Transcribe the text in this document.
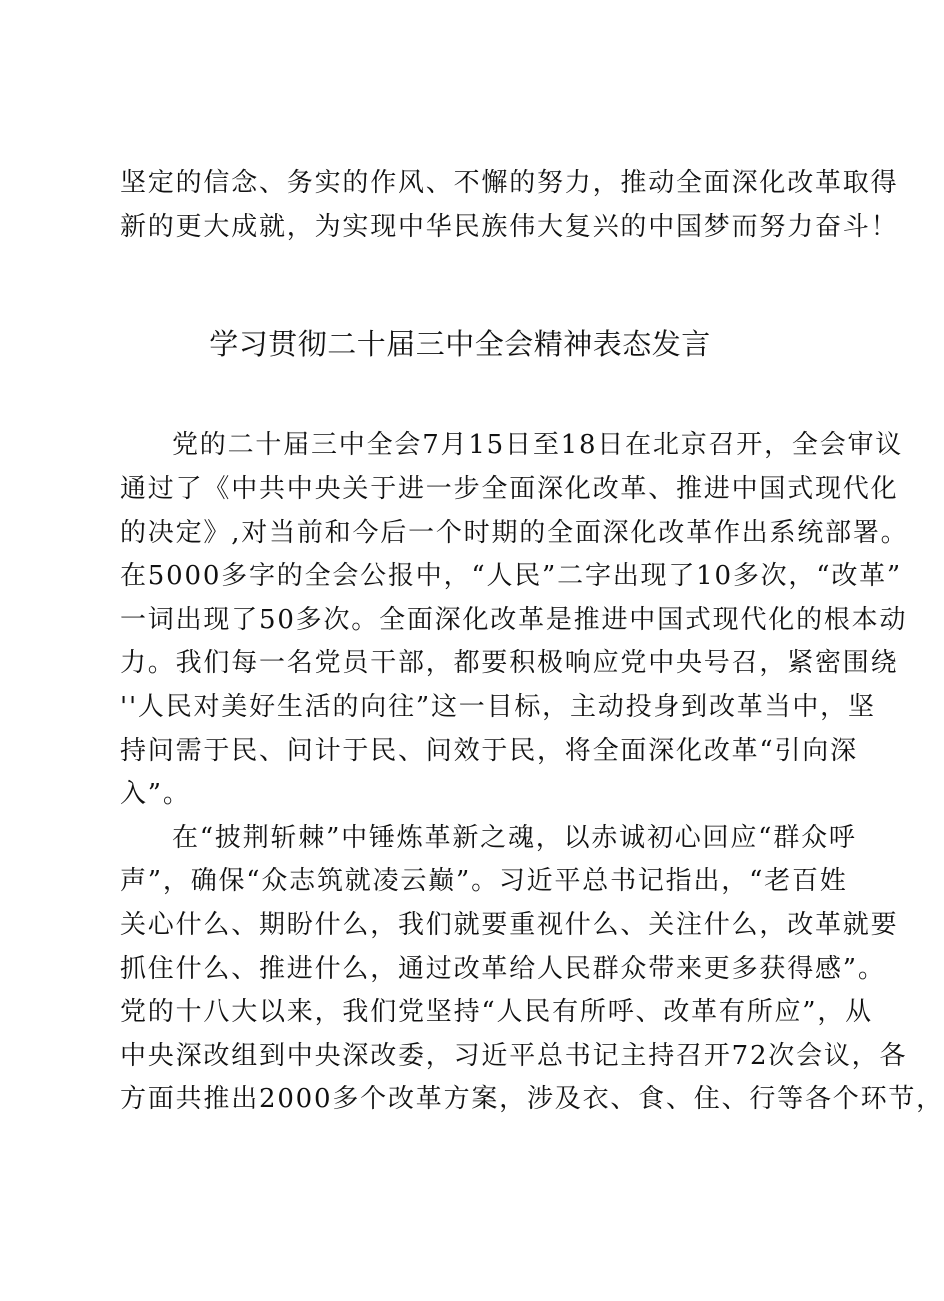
坚定的信念、务实的作风、不懈的努力，推动全面深化改革取得
新的更大成就，为实现中华民族伟大复兴的中国梦而努力奋斗！
学习贯彻二十届三中全会精神表态发言
党的二十届三中全会7月15日至18日在北京召开，全会审议
通过了《中共中央关于进一步全面深化改革、推进中国式现代化
的决定》,对当前和今后一个时期的全面深化改革作出系统部署。
在5000多字的全会公报中，“人民”二字出现了10多次，“改革”
一词出现了50多次。全面深化改革是推进中国式现代化的根本动
力。我们每一名党员干部，都要积极响应党中央号召，紧密围绕
''人民对美好生活的向往”这一目标，主动投身到改革当中，坚
持问需于民、问计于民、问效于民，将全面深化改革“引向深
入”。
在“披荆斩棘”中锤炼革新之魂，以赤诚初心回应“群众呼
声”，确保“众志筑就凌云巅”。习近平总书记指出，“老百姓
关心什么、期盼什么，我们就要重视什么、关注什么，改革就要
抓住什么、推进什么，通过改革给人民群众带来更多获得感”。
党的十八大以来，我们党坚持“人民有所呼、改革有所应”，从
中央深改组到中央深改委，习近平总书记主持召开72次会议，各
方面共推出2000多个改革方案，涉及衣、食、住、行等各个环节，
